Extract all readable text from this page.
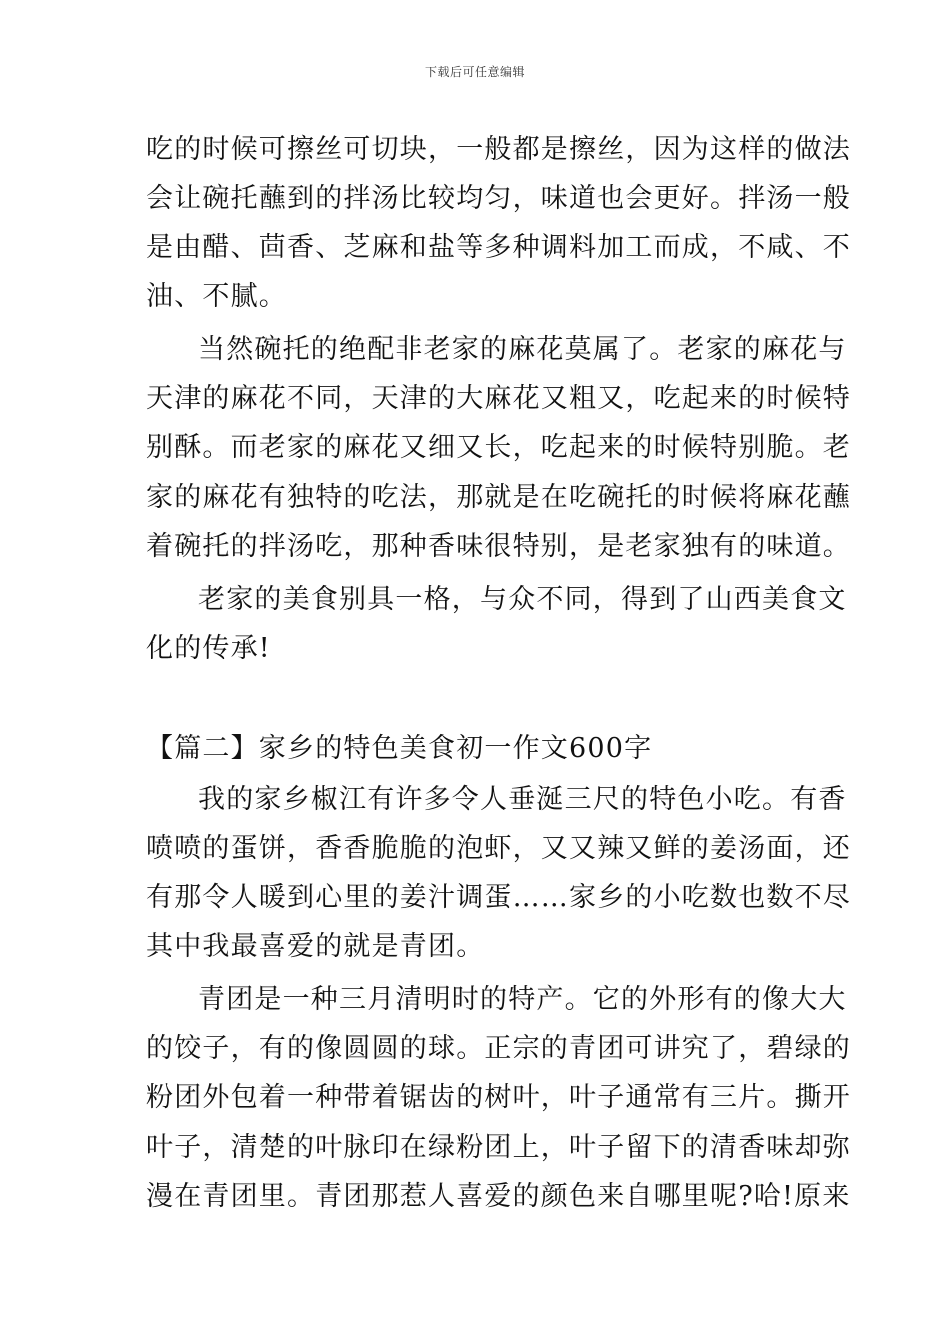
下载后可任意编辑
吃的时候可擦丝可切块，一般都是擦丝，因为这样的做法
会让碗托蘸到的拌汤比较均匀，味道也会更好。拌汤一般
是由醋、茴香、芝麻和盐等多种调料加工而成，不咸、不
油、不腻。
当然碗托的绝配非老家的麻花莫属了。老家的麻花与
天津的麻花不同，天津的大麻花又粗又，吃起来的时候特
别酥。而老家的麻花又细又长，吃起来的时候特别脆。老
家的麻花有独特的吃法，那就是在吃碗托的时候将麻花蘸
着碗托的拌汤吃，那种香味很特别，是老家独有的味道。
老家的美食别具一格，与众不同，得到了山西美食文
化的传承!
【篇二】家乡的特色美食初一作文600字
我的家乡椒江有许多令人垂涎三尺的特色小吃。有香
喷喷的蛋饼，香香脆脆的泡虾，又又辣又鲜的姜汤面，还
有那令人暖到心里的姜汁调蛋……家乡的小吃数也数不尽
其中我最喜爱的就是青团。
青团是一种三月清明时的特产。它的外形有的像大大
的饺子，有的像圆圆的球。正宗的青团可讲究了，碧绿的
粉团外包着一种带着锯齿的树叶，叶子通常有三片。撕开
叶子，清楚的叶脉印在绿粉团上，叶子留下的清香味却弥
漫在青团里。青团那惹人喜爱的颜色来自哪里呢?哈!原来
